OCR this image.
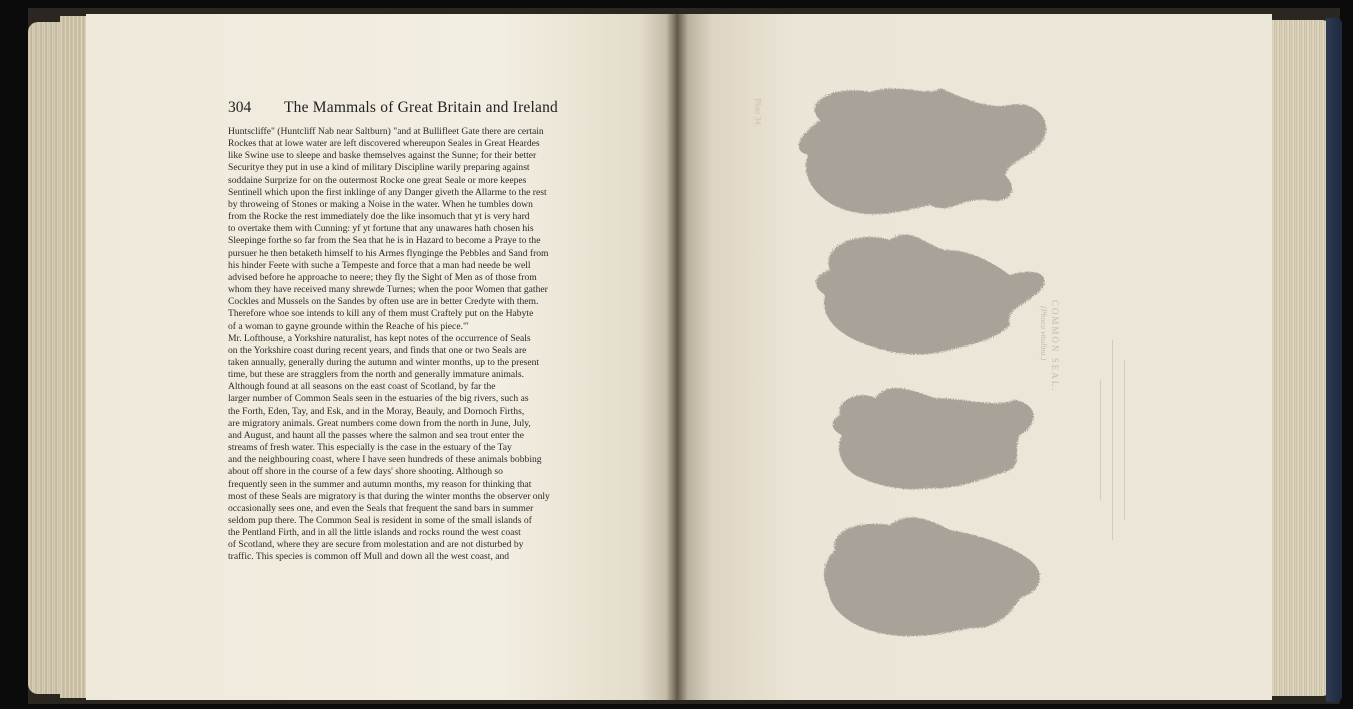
304 The Mammals of Great Britain and Ireland
Huntscliffe" (Huntcliff Nab near Saltburn) "and at Bullifleet Gate there are certain
Rockes that at lowe water are left discovered whereupon Seales in Great Heardes
like Swine use to sleepe and baske themselves against the Sunne; for their better
Securitye they put in use a kind of military Discipline warily preparing against
soddaine Surprize for on the outermost Rocke one great Seale or more keepes
Sentinell which upon the first inklinge of any Danger giveth the Allarme to the rest
by throweing of Stones or making a Noise in the water. When he tumbles down
from the Rocke the rest immediately doe the like insomuch that yt is very hard
to overtake them with Cunning: yf yt fortune that any unawares hath chosen his
Sleepinge forthe so far from the Sea that he is in Hazard to become a Praye to the
pursuer he then betaketh himself to his Armes flyngingе the Pebbles and Sand from
his hinder Feete with suche a Tempeste and force that a man had neede be well
advised before he approache to neere; they fly the Sight of Men as of those from
whom they have received many shrewde Turnes; when the poor Women that gather
Cockles and Mussels on the Sandes by often use are in better Credyte with them.
Therefore whoe soe intends to kill any of them must Craftely put on the Habyte
of a woman to gayne grounde within the Reache of his piece."'
Mr. Lofthouse, a Yorkshire naturalist, has kept notes of the occurrence of Seals
on the Yorkshire coast during recent years, and finds that one or two Seals are
taken annually, generally during the autumn and winter months, up to the present
time, but these are stragglers from the north and generally immature animals.
Although found at all seasons on the east coast of Scotland, by far the
larger number of Common Seals seen in the estuaries of the big rivers, such as
the Forth, Eden, Tay, and Esk, and in the Moray, Beauly, and Dornoch Firths,
are migratory animals. Great numbers come down from the north in June, July,
and August, and haunt all the passes where the salmon and sea trout enter the
streams of fresh water. This especially is the case in the estuary of the Tay
and the neighbouring coast, where I have seen hundreds of these animals bobbing
about off shore in the course of a few days' shore shooting. Although so
frequently seen in the summer and autumn months, my reason for thinking that
most of these Seals are migratory is that during the winter months the observer only
occasionally sees one, and even the Seals that frequent the sand bars in summer
seldom pup there. The Common Seal is resident in some of the small islands of
the Pentland Firth, and in all the little islands and rocks round the west coast
of Scotland, where they are secure from molestation and are not disturbed by
traffic. This species is common off Mull and down all the west coast, and
Plate 34.
COMMON SEAL.
(Phoca vitulina.)
